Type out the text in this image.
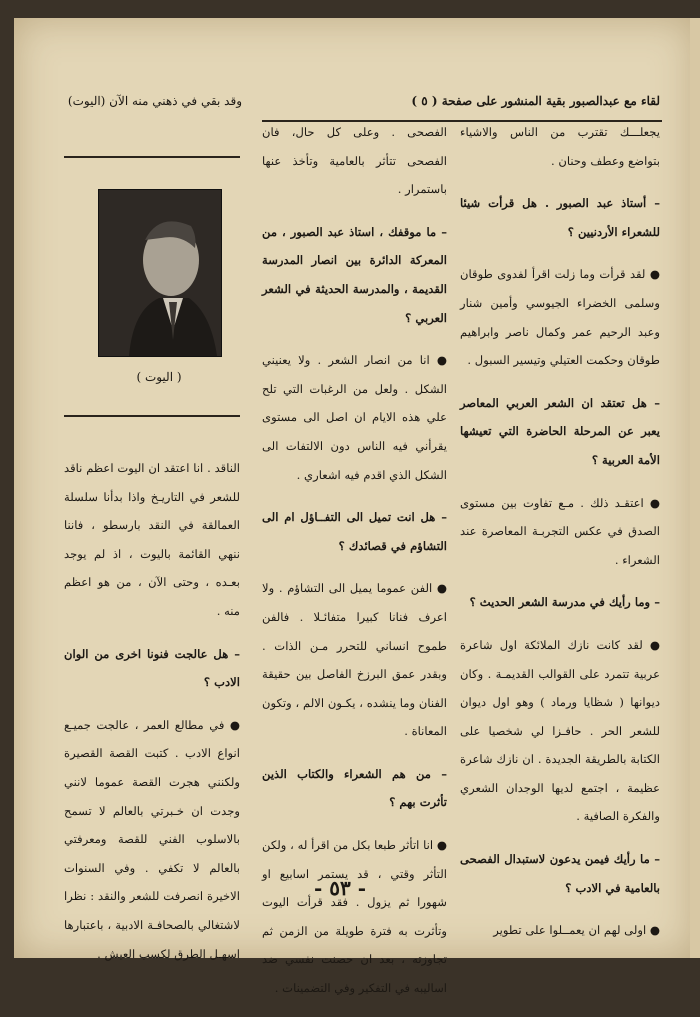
لقاء مع عبدالصبور بقية المنشور على صفحة ( ٥ )
وقد بقي في ذهني منه الآن (اليوت)
( اليوت )

يجعلـــك تقترب من الناس والاشياء بتواضع وعطف وحنان .

– أستاذ عبد الصبور . هل قرأت شيئا للشعراء الأردنيين ؟

● لقد قرأت وما زلت اقرأ لفدوى طوقان وسلمى الخضراء الجيوسي وأمين شنار وعبد الرحيم عمر وكمال ناصر وابراهيم طوقان وحكمت العتيلي وتيسير السبول .

– هل تعتقد ان الشعر العربي المعاصر يعبر عن المرحلة الحاضرة التي تعيشها الأمة العربية ؟

● اعتقـد ذلك . مـع تفاوت بين مستوى الصدق في عكس التجربـة المعاصرة عند الشعراء .

– وما رأيك في مدرسة الشعر الحديث ؟

● لقد كانت نازك الملائكة اول شاعرة عربية تتمرد على القوالب القديمـة . وكان ديوانها ( شظايا ورماد ) وهو اول ديوان للشعر الحر . حافـزا لي شخصيا على الكتابة بالطريقة الجديدة . ان نازك شاعرة عظيمة ، اجتمع لديها الوجدان الشعري والفكرة الصافية .

– ما رأيك فيمن يدعون لاستبدال الفصحى بالعامية في الادب ؟

● اولى لهم ان يعمــلوا على تطوير

الفصحى . وعلى كل حال، فان الفصحى تتأثر بالعامية وتأخذ عنها باستمرار .

– ما موقفك ، استاذ عبد الصبور ، من المعركة الدائرة بين انصار المدرسة القديمة ، والمدرسة الحديثة في الشعر العربي ؟

● انا من انصار الشعر . ولا يعنيني الشكل . ولعل من الرغبات التي تلح علي هذه الايام ان اصل الى مستوى يقرأني فيه الناس دون الالتفات الى الشكل الذي اقدم فيه اشعاري .

– هل انت تميل الى التفــاؤل ام الى التشاؤم في قصائدك ؟

● الفن عموما يميل الى التشاؤم . ولا اعرف فنانا كبيرا متفائـلا . فالفن طموح انساني للتحرر مـن الذات . وبقدر عمق البرزخ الفاصل بين حقيقة الفنان وما ينشده ، يكـون الالم ، وتكون المعاناة .

– من هم الشعراء والكتاب الذين تأثرت بهم ؟

● انا اتأثر طبعا بكل من اقرأ له ، ولكن التأثر وقتي ، قد يستمر اسابيع او شهورا ثم يزول . فقد قرأت اليوت وتأثرت به فترة طويلة من الزمن ثم تجاوزته ، بعد ان حصنت نفسي ضد اساليبه في التفكير وفي التضمينات .

الناقد . انا اعتقد ان اليوت اعظم ناقد للشعر في التاريـخ واذا بدأنا سلسلة العمالقة في النقد بارسطو ، فاننا ننهي القائمة باليوت ، اذ لم يوجد بعـده ، وحتى الآن ، من هو اعظم منه .

– هل عالجت فنونا اخرى من الوان الادب ؟

● في مطالع العمر ، عالجت جميـع انواع الادب . كتبت القصة القصيرة ولكنني هجرت القصة عموما لانني وجدت ان خـبرتي بالعالم لا تسمح بالاسلوب الفني للقصة ومعرفتي بالعالم لا تكفي . وفي السنوات الاخيرة انصرفت للشعر والنقد : نظرا لاشتغالي بالصحافـة الادبية ، باعتبارها اسهـل الطرق لكسب العيش .

- ٥٣ -
